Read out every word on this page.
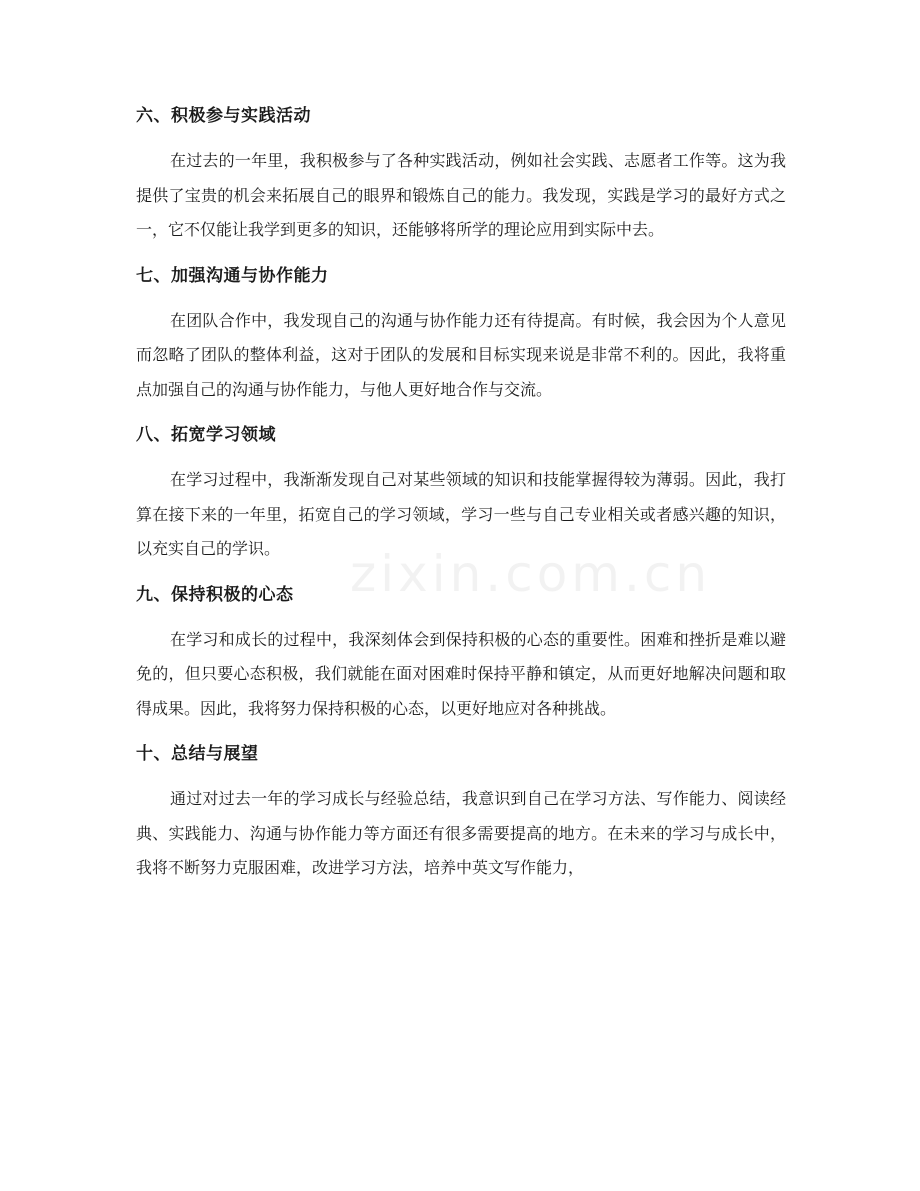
zixin.com.cn
六、积极参与实践活动

在过去的一年里，我积极参与了各种实践活动，例如社会实践、志愿者工作等。这为我提供了宝贵的机会来拓展自己的眼界和锻炼自己的能力。我发现，实践是学习的最好方式之一，它不仅能让我学到更多的知识，还能够将所学的理论应用到实际中去。

七、加强沟通与协作能力

在团队合作中，我发现自己的沟通与协作能力还有待提高。有时候，我会因为个人意见而忽略了团队的整体利益，这对于团队的发展和目标实现来说是非常不利的。因此，我将重点加强自己的沟通与协作能力，与他人更好地合作与交流。

八、拓宽学习领域

在学习过程中，我渐渐发现自己对某些领域的知识和技能掌握得较为薄弱。因此，我打算在接下来的一年里，拓宽自己的学习领域，学习一些与自己专业相关或者感兴趣的知识，以充实自己的学识。

九、保持积极的心态

在学习和成长的过程中，我深刻体会到保持积极的心态的重要性。困难和挫折是难以避免的，但只要心态积极，我们就能在面对困难时保持平静和镇定，从而更好地解决问题和取得成果。因此，我将努力保持积极的心态，以更好地应对各种挑战。

十、总结与展望

通过对过去一年的学习成长与经验总结，我意识到自己在学习方法、写作能力、阅读经典、实践能力、沟通与协作能力等方面还有很多需要提高的地方。在未来的学习与成长中，我将不断努力克服困难，改进学习方法，培养中英文写作能力，
